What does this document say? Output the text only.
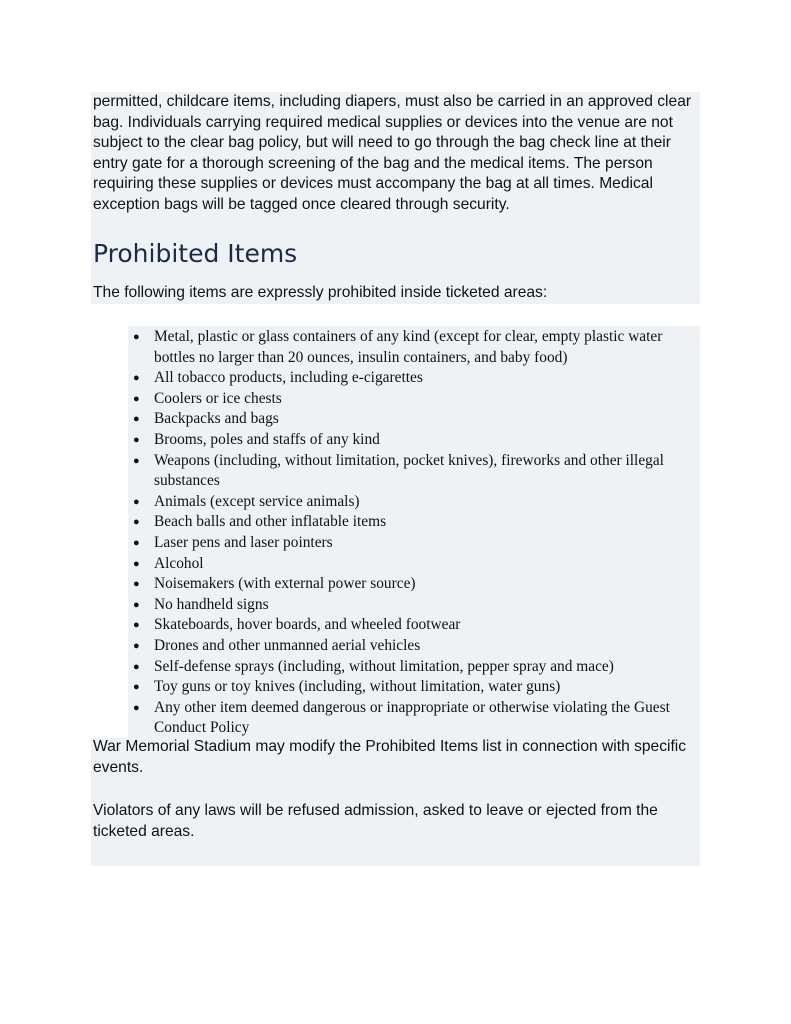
permitted, childcare items, including diapers, must also be carried in an approved clear bag. Individuals carrying required medical supplies or devices into the venue are not subject to the clear bag policy, but will need to go through the bag check line at their entry gate for a thorough screening of the bag and the medical items. The person requiring these supplies or devices must accompany the bag at all times. Medical exception bags will be tagged once cleared through security.

Prohibited Items

The following items are expressly prohibited inside ticketed areas:

● Metal, plastic or glass containers of any kind (except for clear, empty plastic water bottles no larger than 20 ounces, insulin containers, and baby food)
● All tobacco products, including e-cigarettes
● Coolers or ice chests
● Backpacks and bags
● Brooms, poles and staffs of any kind
● Weapons (including, without limitation, pocket knives), fireworks and other illegal substances
● Animals (except service animals)
● Beach balls and other inflatable items
● Laser pens and laser pointers
● Alcohol
● Noisemakers (with external power source)
● No handheld signs
● Skateboards, hover boards, and wheeled footwear
● Drones and other unmanned aerial vehicles
● Self-defense sprays (including, without limitation, pepper spray and mace)
● Toy guns or toy knives (including, without limitation, water guns)
● Any other item deemed dangerous or inappropriate or otherwise violating the Guest Conduct Policy

War Memorial Stadium may modify the Prohibited Items list in connection with specific events.

Violators of any laws will be refused admission, asked to leave or ejected from the ticketed areas.
